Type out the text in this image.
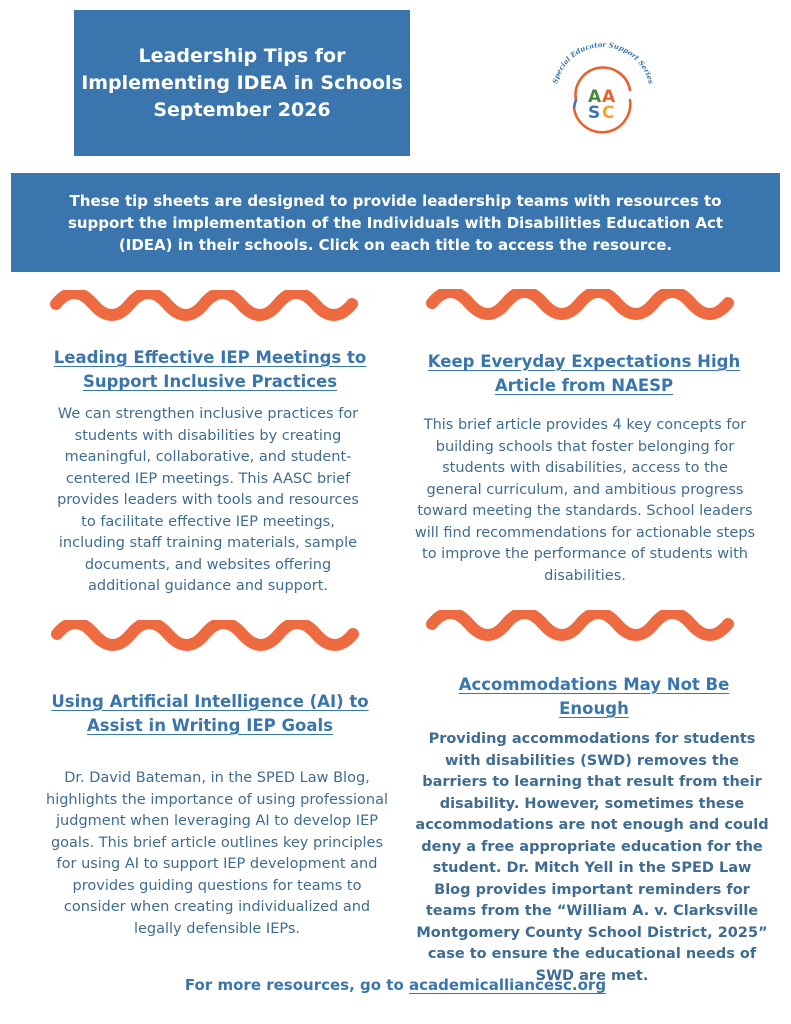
Leadership Tips for
Implementing IDEA in Schools
September 2026
Special Educator Support Series
A A
S C
These tip sheets are designed to provide leadership teams with resources to support the implementation of the Individuals with Disabilities Education Act (IDEA) in their schools. Click on each title to access the resource.
Leading Effective IEP Meetings to
Support Inclusive Practices
We can strengthen inclusive practices for students with disabilities by creating meaningful, collaborative, and student-centered IEP meetings. This AASC brief provides leaders with tools and resources to facilitate effective IEP meetings, including staff training materials, sample documents, and websites offering additional guidance and support.
Keep Everyday Expectations High
Article from NAESP
This brief article provides 4 key concepts for building schools that foster belonging for students with disabilities, access to the general curriculum, and ambitious progress toward meeting the standards. School leaders will find recommendations for actionable steps to improve the performance of students with disabilities.
Using Artificial Intelligence (AI) to
Assist in Writing IEP Goals
Dr. David Bateman, in the SPED Law Blog, highlights the importance of using professional judgment when leveraging AI to develop IEP goals. This brief article outlines key principles for using AI to support IEP development and provides guiding questions for teams to consider when creating individualized and legally defensible IEPs.
Accommodations May Not Be
Enough
Providing accommodations for students with disabilities (SWD) removes the barriers to learning that result from their disability. However, sometimes these accommodations are not enough and could deny a free appropriate education for the student. Dr. Mitch Yell in the SPED Law Blog provides important reminders for teams from the “William A. v. Clarksville Montgomery County School District, 2025” case to ensure the educational needs of SWD are met.
For more resources, go to academicalliancesc.org
